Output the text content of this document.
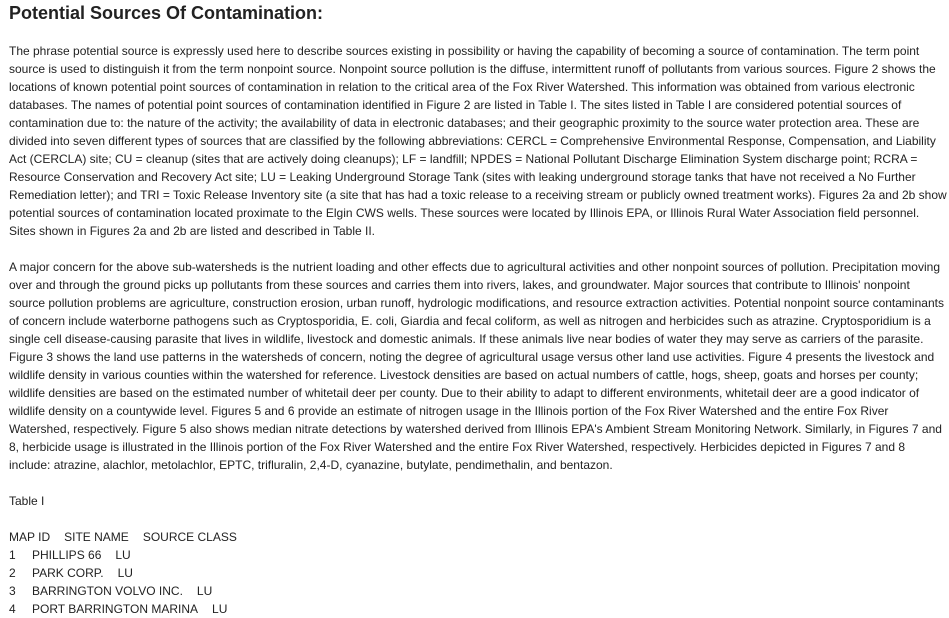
Potential Sources Of Contamination:

The phrase potential source is expressly used here to describe sources existing in possibility or having the capability of becoming a source of contamination. The term point source is used to distinguish it from the term nonpoint source. Nonpoint source pollution is the diffuse, intermittent runoff of pollutants from various sources. Figure 2 shows the locations of known potential point sources of contamination in relation to the critical area of the Fox River Watershed. This information was obtained from various electronic databases. The names of potential point sources of contamination identified in Figure 2 are listed in Table I. The sites listed in Table I are considered potential sources of contamination due to: the nature of the activity; the availability of data in electronic databases; and their geographic proximity to the source water protection area. These are divided into seven different types of sources that are classified by the following abbreviations: CERCL = Comprehensive Environmental Response, Compensation, and Liability Act (CERCLA) site; CU = cleanup (sites that are actively doing cleanups); LF = landfill; NPDES = National Pollutant Discharge Elimination System discharge point; RCRA = Resource Conservation and Recovery Act site; LU = Leaking Underground Storage Tank (sites with leaking underground storage tanks that have not received a No Further Remediation letter); and TRI = Toxic Release Inventory site (a site that has had a toxic release to a receiving stream or publicly owned treatment works). Figures 2a and 2b show potential sources of contamination located proximate to the Elgin CWS wells. These sources were located by Illinois EPA, or Illinois Rural Water Association field personnel. Sites shown in Figures 2a and 2b are listed and described in Table II.

A major concern for the above sub-watersheds is the nutrient loading and other effects due to agricultural activities and other nonpoint sources of pollution. Precipitation moving over and through the ground picks up pollutants from these sources and carries them into rivers, lakes, and groundwater. Major sources that contribute to Illinois' nonpoint source pollution problems are agriculture, construction erosion, urban runoff, hydrologic modifications, and resource extraction activities. Potential nonpoint source contaminants of concern include waterborne pathogens such as Cryptosporidia, E. coli, Giardia and fecal coliform, as well as nitrogen and herbicides such as atrazine. Cryptosporidium is a single cell disease-causing parasite that lives in wildlife, livestock and domestic animals. If these animals live near bodies of water they may serve as carriers of the parasite. Figure 3 shows the land use patterns in the watersheds of concern, noting the degree of agricultural usage versus other land use activities. Figure 4 presents the livestock and wildlife density in various counties within the watershed for reference. Livestock densities are based on actual numbers of cattle, hogs, sheep, goats and horses per county; wildlife densities are based on the estimated number of whitetail deer per county. Due to their ability to adapt to different environments, whitetail deer are a good indicator of wildlife density on a countywide level. Figures 5 and 6 provide an estimate of nitrogen usage in the Illinois portion of the Fox River Watershed and the entire Fox River Watershed, respectively. Figure 5 also shows median nitrate detections by watershed derived from Illinois EPA's Ambient Stream Monitoring Network. Similarly, in Figures 7 and 8, herbicide usage is illustrated in the Illinois portion of the Fox River Watershed and the entire Fox River Watershed, respectively. Herbicides depicted in Figures 7 and 8 include: atrazine, alachlor, metolachlor, EPTC, trifluralin, 2,4-D, cyanazine, butylate, pendimethalin, and bentazon.

Table I

MAP ID	SITE NAME	SOURCE CLASS
1	PHILLIPS 66	LU
2	PARK CORP.	LU
3	BARRINGTON VOLVO INC.	LU
4	PORT BARRINGTON MARINA	LU
